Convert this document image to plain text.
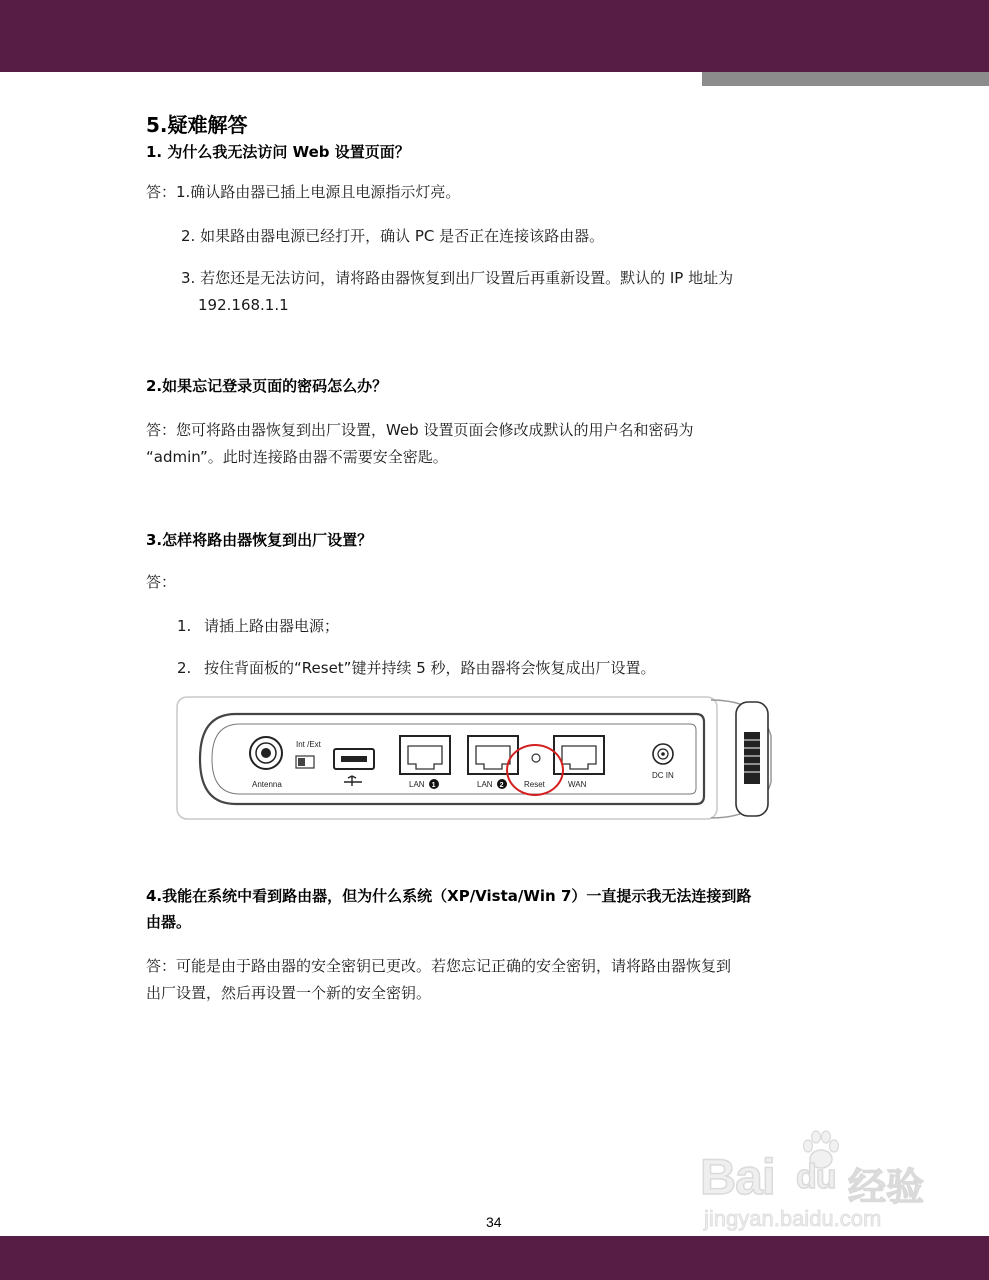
5.疑难解答
1. 为什么我无法访问 Web 设置页面？
答：1.确认路由器已插上电源且电源指示灯亮。
2. 如果路由器电源已经打开，确认 PC 是否正在连接该路由器。
3. 若您还是无法访问，请将路由器恢复到出厂设置后再重新设置。默认的 IP 地址为
192.168.1.1
2.如果忘记登录页面的密码怎么办？
答：您可将路由器恢复到出厂设置，Web 设置页面会修改成默认的用户名和密码为
“admin”。此时连接路由器不需要安全密匙。
3.怎样将路由器恢复到出厂设置？
答：
1. 请插上路由器电源；
2. 按住背面板的“Reset”键并持续 5 秒，路由器将会恢复成出厂设置。
Antenna
Int /Ext
LAN 1	LAN 2	Reset	WAN
DC IN
4.我能在系统中看到路由器，但为什么系统（XP/Vista/Win 7）一直提示我无法连接到路
由器。
答：可能是由于路由器的安全密钥已更改。若您忘记正确的安全密钥，请将路由器恢复到
出厂设置，然后再设置一个新的安全密钥。
Bai du 经验
jingyan.baidu.com
34
